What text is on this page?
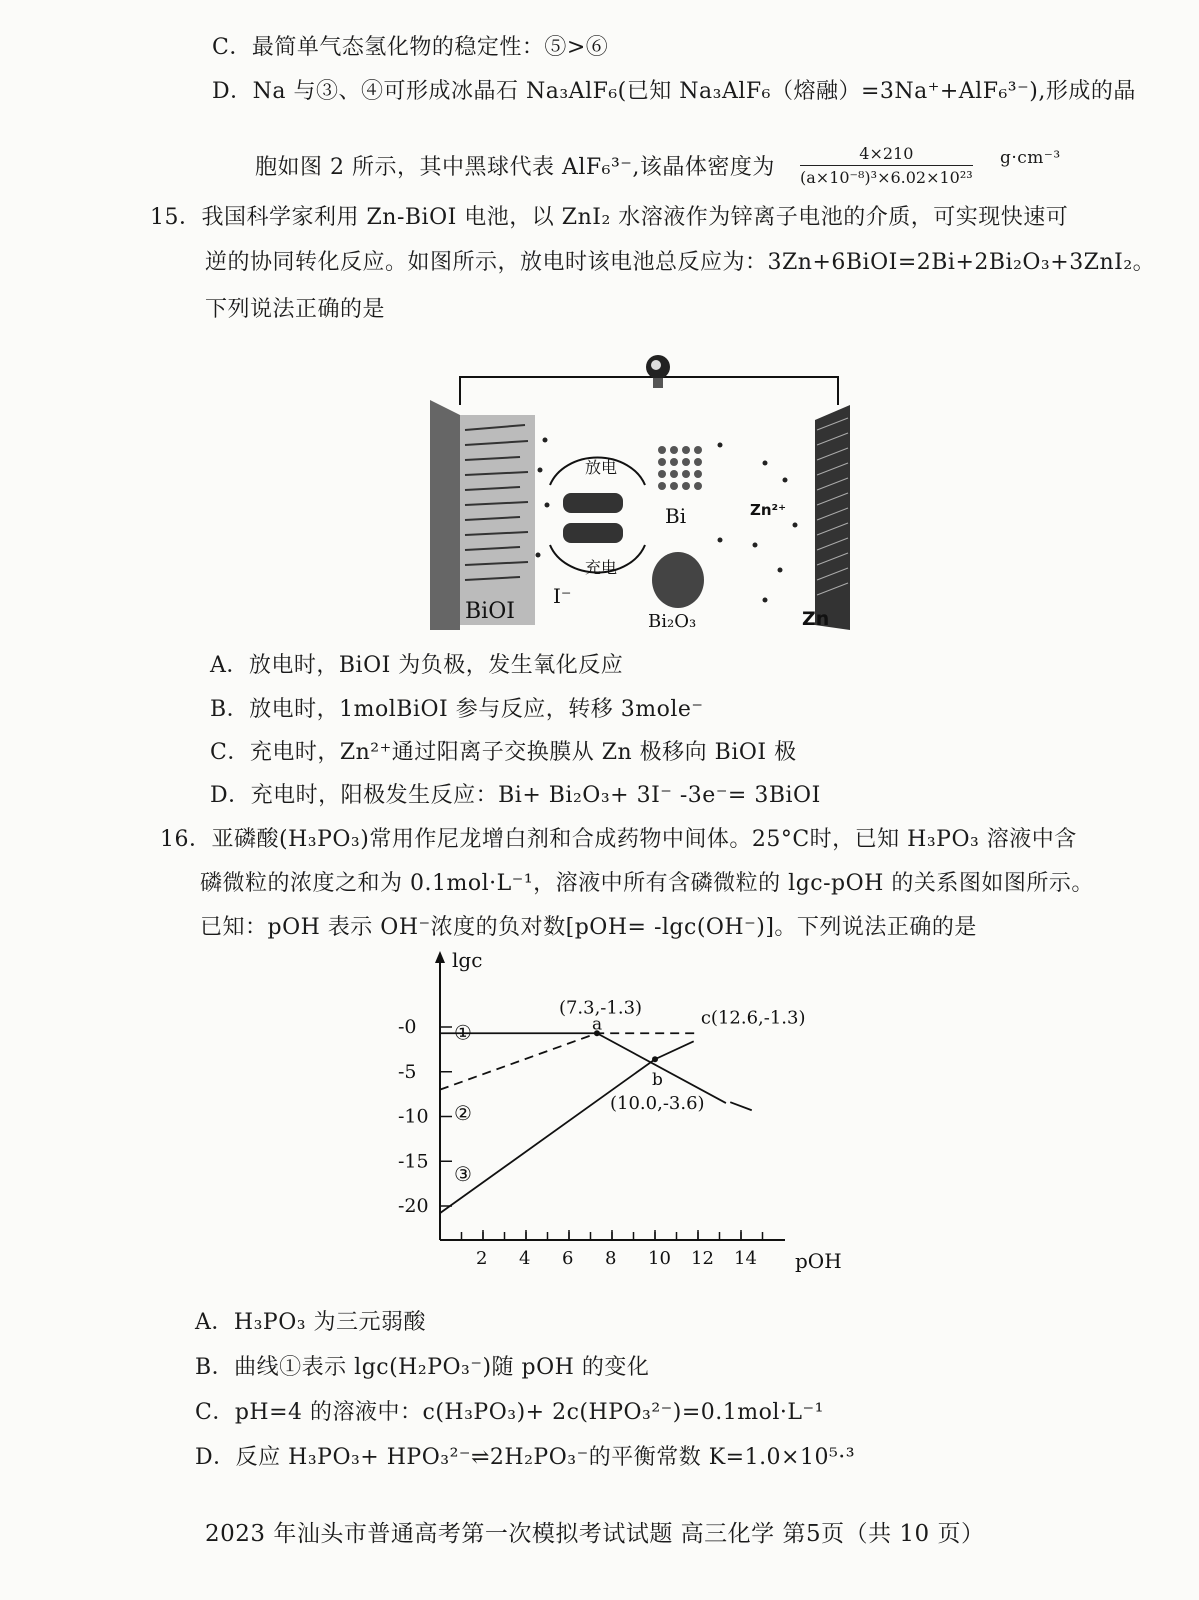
C．最简单气态氢化物的稳定性：⑤>⑥
D．Na 与③、④可形成冰晶石 Na₃AlF₆(已知 Na₃AlF₆（熔融）=3Na⁺+AlF₆³⁻),形成的晶
胞如图 2 所示，其中黑球代表 AlF₆³⁻,该晶体密度为 $\frac{4\times 210}{\text{(a×10⁻⁸)³×6.02×10²³}} g\cdot cm^{-3}$
15．我国科学家利用 Zn-BiOI 电池，以 ZnI₂ 水溶液作为锌离子电池的介质，可实现快速可
逆的协同转化反应。如图所示，放电时该电池总反应为：3Zn+6BiOI=2Bi+2Bi₂O₃+3ZnI₂。
下列说法正确的是
放电
充电
Bi
Bi₂O₃
I⁻
Zn²⁺
BiOI	Zn
A．放电时，BiOI 为负极，发生氧化反应
B．放电时，1molBiOI 参与反应，转移 3mole⁻
C．充电时，Zn²⁺通过阳离子交换膜从 Zn 极移向 BiOI 极
D．充电时，阳极发生反应：Bi+ Bi₂O₃+ 3I⁻ -3e⁻= 3BiOI
16．亚磷酸(H₃PO₃)常用作尼龙增白剂和合成药物中间体。25°C时，已知 H₃PO₃ 溶液中含
磷微粒的浓度之和为 0.1mol·L⁻¹，溶液中所有含磷微粒的 lgc-pOH 的关系图如图所示。
已知：pOH 表示 OH⁻浓度的负对数[pOH= -lgc(OH⁻)]。下列说法正确的是
lgc
pOH
2 4 6 8 10 12 14
-0
-5
-10
-15
-20
①
②
③
a
(7.3,-1.3)
b
(10.0,-3.6)
c(12.6,-1.3)
A．H₃PO₃ 为三元弱酸
B．曲线①表示 lgc(H₂PO₃⁻)随 pOH 的变化
C．pH=4 的溶液中：c(H₃PO₃)+ 2c(HPO₃²⁻)=0.1mol·L⁻¹
D．反应 H₃PO₃+ HPO₃²⁻⇌2H₂PO₃⁻的平衡常数 K=1.0×10⁵·³
2023 年汕头市普通高考第一次模拟考试试题 高三化学 第5页（共 10 页）
